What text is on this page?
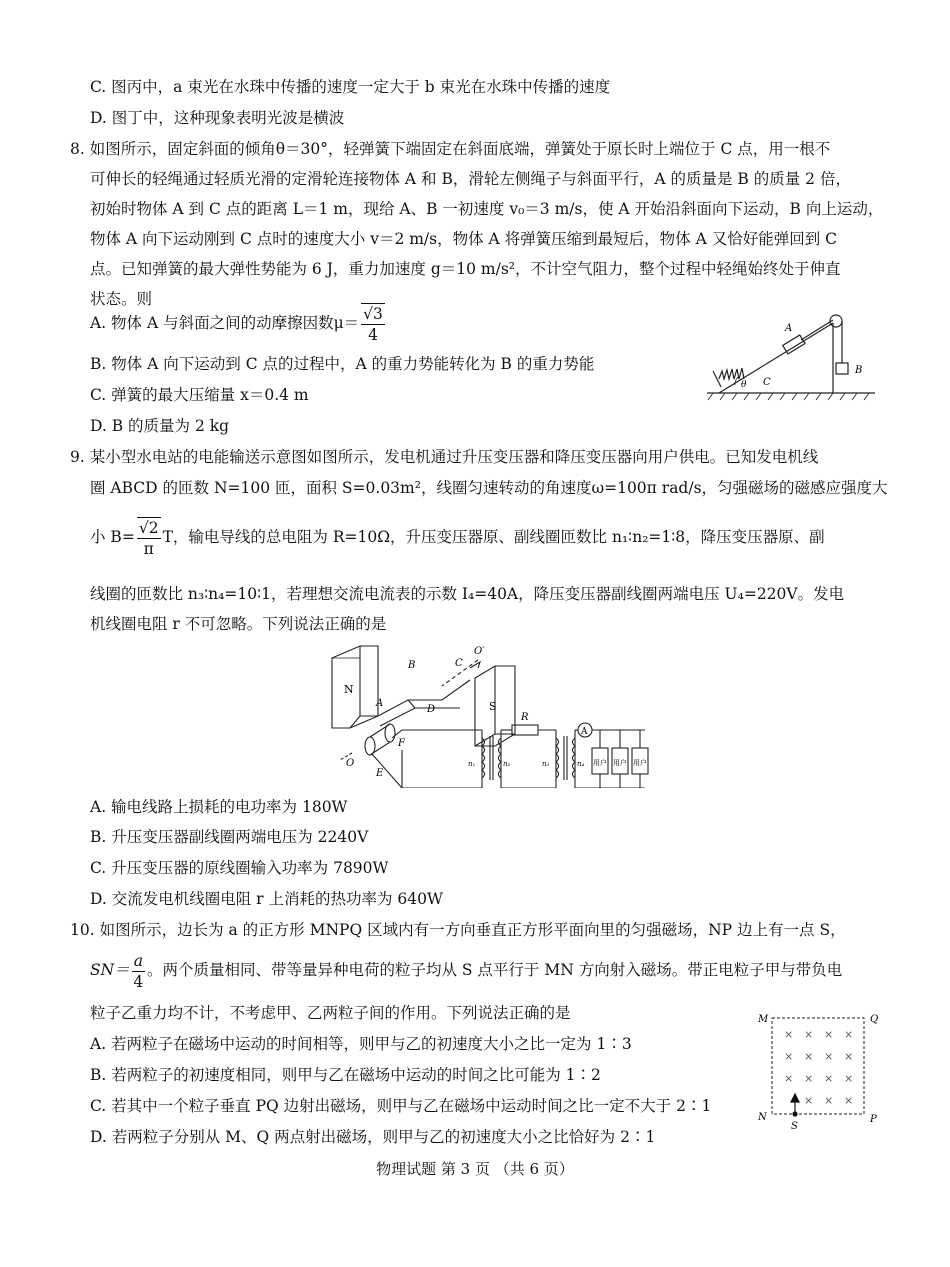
C. 图丙中，a 束光在水珠中传播的速度一定大于 b 束光在水珠中传播的速度
D. 图丁中，这种现象表明光波是横波
8. 如图所示，固定斜面的倾角θ＝30°，轻弹簧下端固定在斜面底端，弹簧处于原长时上端位于 C 点，用一根不
可伸长的轻绳通过轻质光滑的定滑轮连接物体 A 和 B，滑轮左侧绳子与斜面平行，A 的质量是 B 的质量 2 倍，
初始时物体 A 到 C 点的距离 L＝1 m，现给 A、B 一初速度 v₀＝3 m/s，使 A 开始沿斜面向下运动，B 向上运动，
物体 A 向下运动刚到 C 点时的速度大小 v＝2 m/s，物体 A 将弹簧压缩到最短后，物体 A 又恰好能弹回到 C
点。已知弹簧的最大弹性势能为 6 J，重力加速度 g＝10 m/s²，不计空气阻力，整个过程中轻绳始终处于伸直
状态。则
A. 物体 A 与斜面之间的动摩擦因数$\mu= \frac{√3}{4}$
B. 物体 A 向下运动到 C 点的过程中，A 的重力势能转化为 B 的重力势能
C. 弹簧的最大压缩量 x＝0.4 m
D. B 的质量为 2 kg
A
B
C
θ
9. 某小型水电站的电能输送示意图如图所示，发电机通过升压变压器和降压变压器向用户供电。已知发电机线
圈 ABCD 的匝数 N=100 匝，面积 S=0.03m²，线圈匀速转动的角速度ω=100π rad/s，匀强磁场的磁感应强度大
小 $B= \frac{√2}{\pi}$ T，输电导线的总电阻为 R=10Ω，升压变压器原、副线圈匝数比 n₁∶n₂=1∶8，降压变压器原、副
线圈的匝数比 n₃∶n₄=10∶1，若理想交流电流表的示数 I₄=40A，降压变压器副线圈两端电压 U₄=220V。发电
机线圈电阻 r 不可忽略。下列说法正确的是
N
S
A
B	C
D
E
F
O
O′
R
A
n₁	n₂	n₃	n₄ 用户 用户 用户
A. 输电线路上损耗的电功率为 180W
B. 升压变压器副线圈两端电压为 2240V
C. 升压变压器的原线圈输入功率为 7890W
D. 交流发电机线圈电阻 r 上消耗的热功率为 640W
10. 如图所示，边长为 a 的正方形 MNPQ 区域内有一方向垂直正方形平面向里的匀强磁场，NP 边上有一点 S，
$SN= \frac{a}{4}$ 。两个质量相同、带等量异种电荷的粒子均从 S 点平行于 MN 方向射入磁场。带正电粒子甲与带负电
粒子乙重力均不计，不考虑甲、乙两粒子间的作用。下列说法正确的是
A. 若两粒子在磁场中运动的时间相等，则甲与乙的初速度大小之比一定为 1∶3
B. 若两粒子的初速度相同，则甲与乙在磁场中运动的时间之比可能为 1∶2
C. 若其中一个粒子垂直 PQ 边射出磁场，则甲与乙在磁场中运动时间之比一定不大于 2∶1
D. 若两粒子分别从 M、Q 两点射出磁场，则甲与乙的初速度大小之比恰好为 2∶1
× × × ×
× × × ×
× × × ×
× × ×
M	Q
N	P
S
物理试题 第 3 页 （共 6 页）
